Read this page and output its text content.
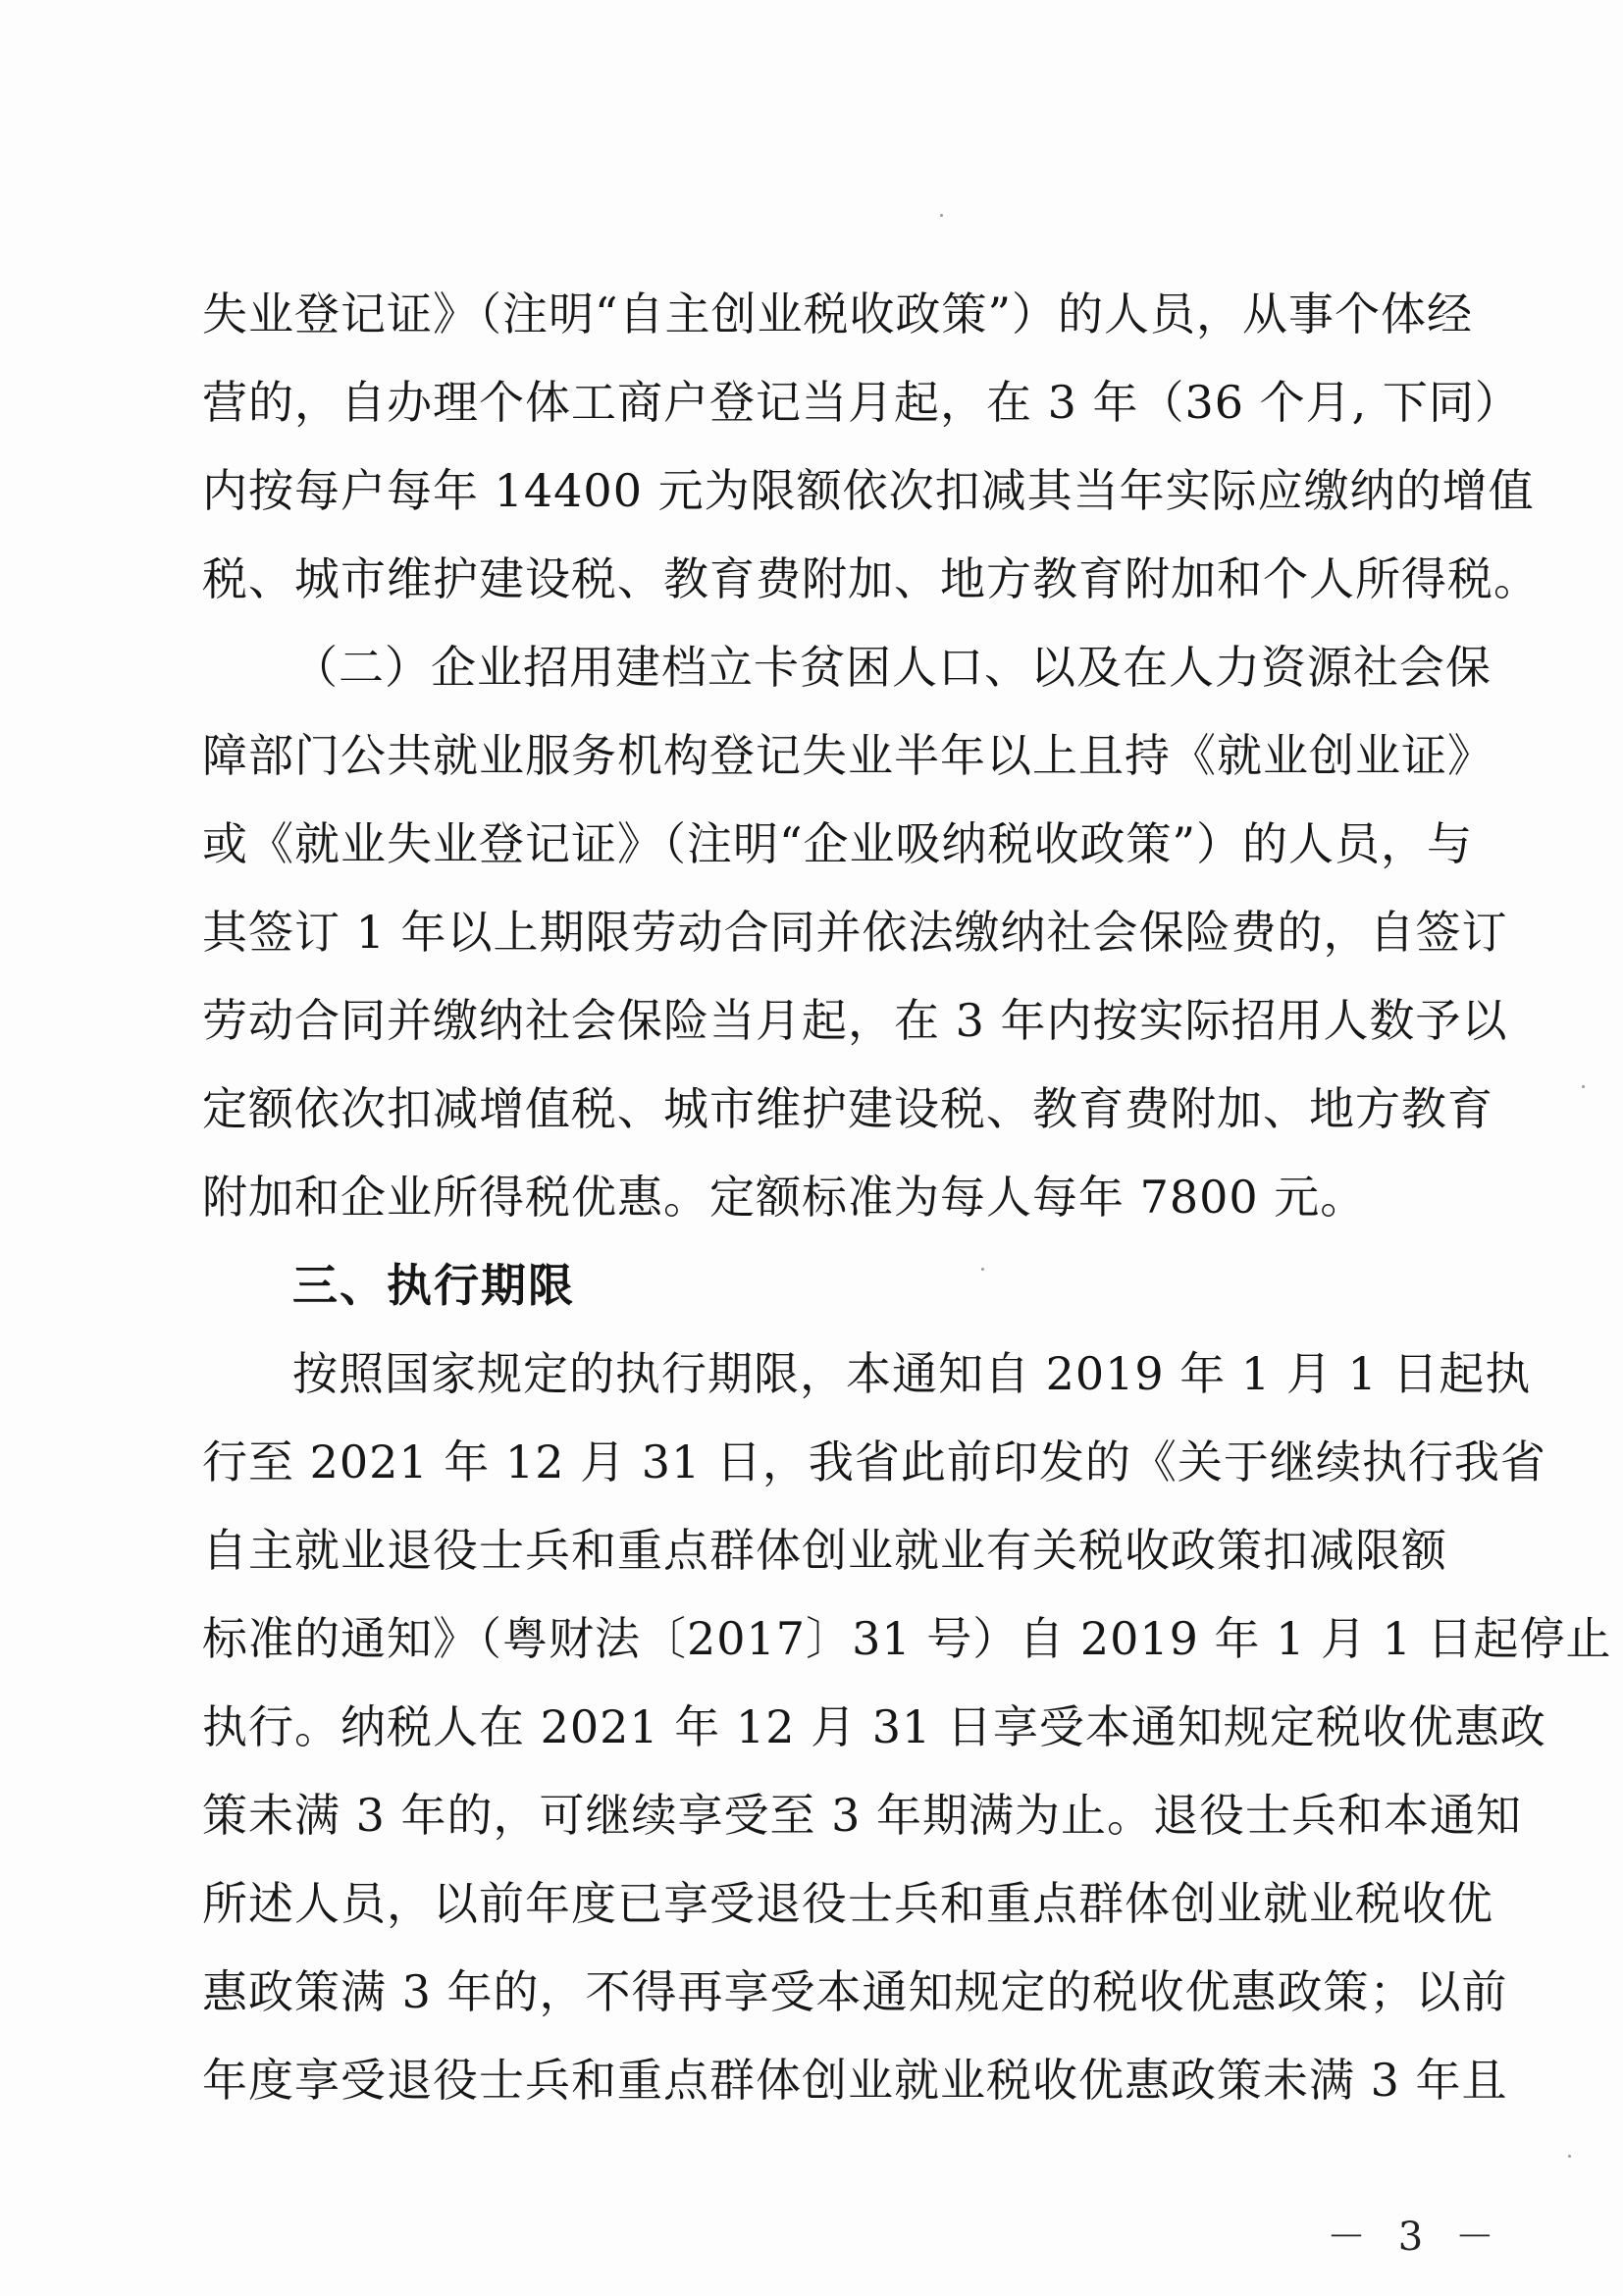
失业登记证》（注明“自主创业税收政策”）的人员，从事个体经
营的，自办理个体工商户登记当月起，在 3 年（36 个月, 下同）
内按每户每年 14400 元为限额依次扣减其当年实际应缴纳的增值
税、城市维护建设税、教育费附加、地方教育附加和个人所得税。
（二）企业招用建档立卡贫困人口、以及在人力资源社会保
障部门公共就业服务机构登记失业半年以上且持《就业创业证》
或《就业失业登记证》（注明“企业吸纳税收政策”）的人员，与
其签订 1 年以上期限劳动合同并依法缴纳社会保险费的，自签订
劳动合同并缴纳社会保险当月起，在 3 年内按实际招用人数予以
定额依次扣减增值税、城市维护建设税、教育费附加、地方教育
附加和企业所得税优惠。定额标准为每人每年 7800 元。
三、执行期限
按照国家规定的执行期限，本通知自 2019 年 1 月 1 日起执
行至 2021 年 12 月 31 日，我省此前印发的《关于继续执行我省
自主就业退役士兵和重点群体创业就业有关税收政策扣减限额
标准的通知》（粤财法〔2017〕31 号）自 2019 年 1 月 1 日起停止
执行。纳税人在 2021 年 12 月 31 日享受本通知规定税收优惠政
策未满 3 年的，可继续享受至 3 年期满为止。退役士兵和本通知
所述人员，以前年度已享受退役士兵和重点群体创业就业税收优
惠政策满 3 年的，不得再享受本通知规定的税收优惠政策；以前
年度享受退役士兵和重点群体创业就业税收优惠政策未满 3 年且
－ 3 －
